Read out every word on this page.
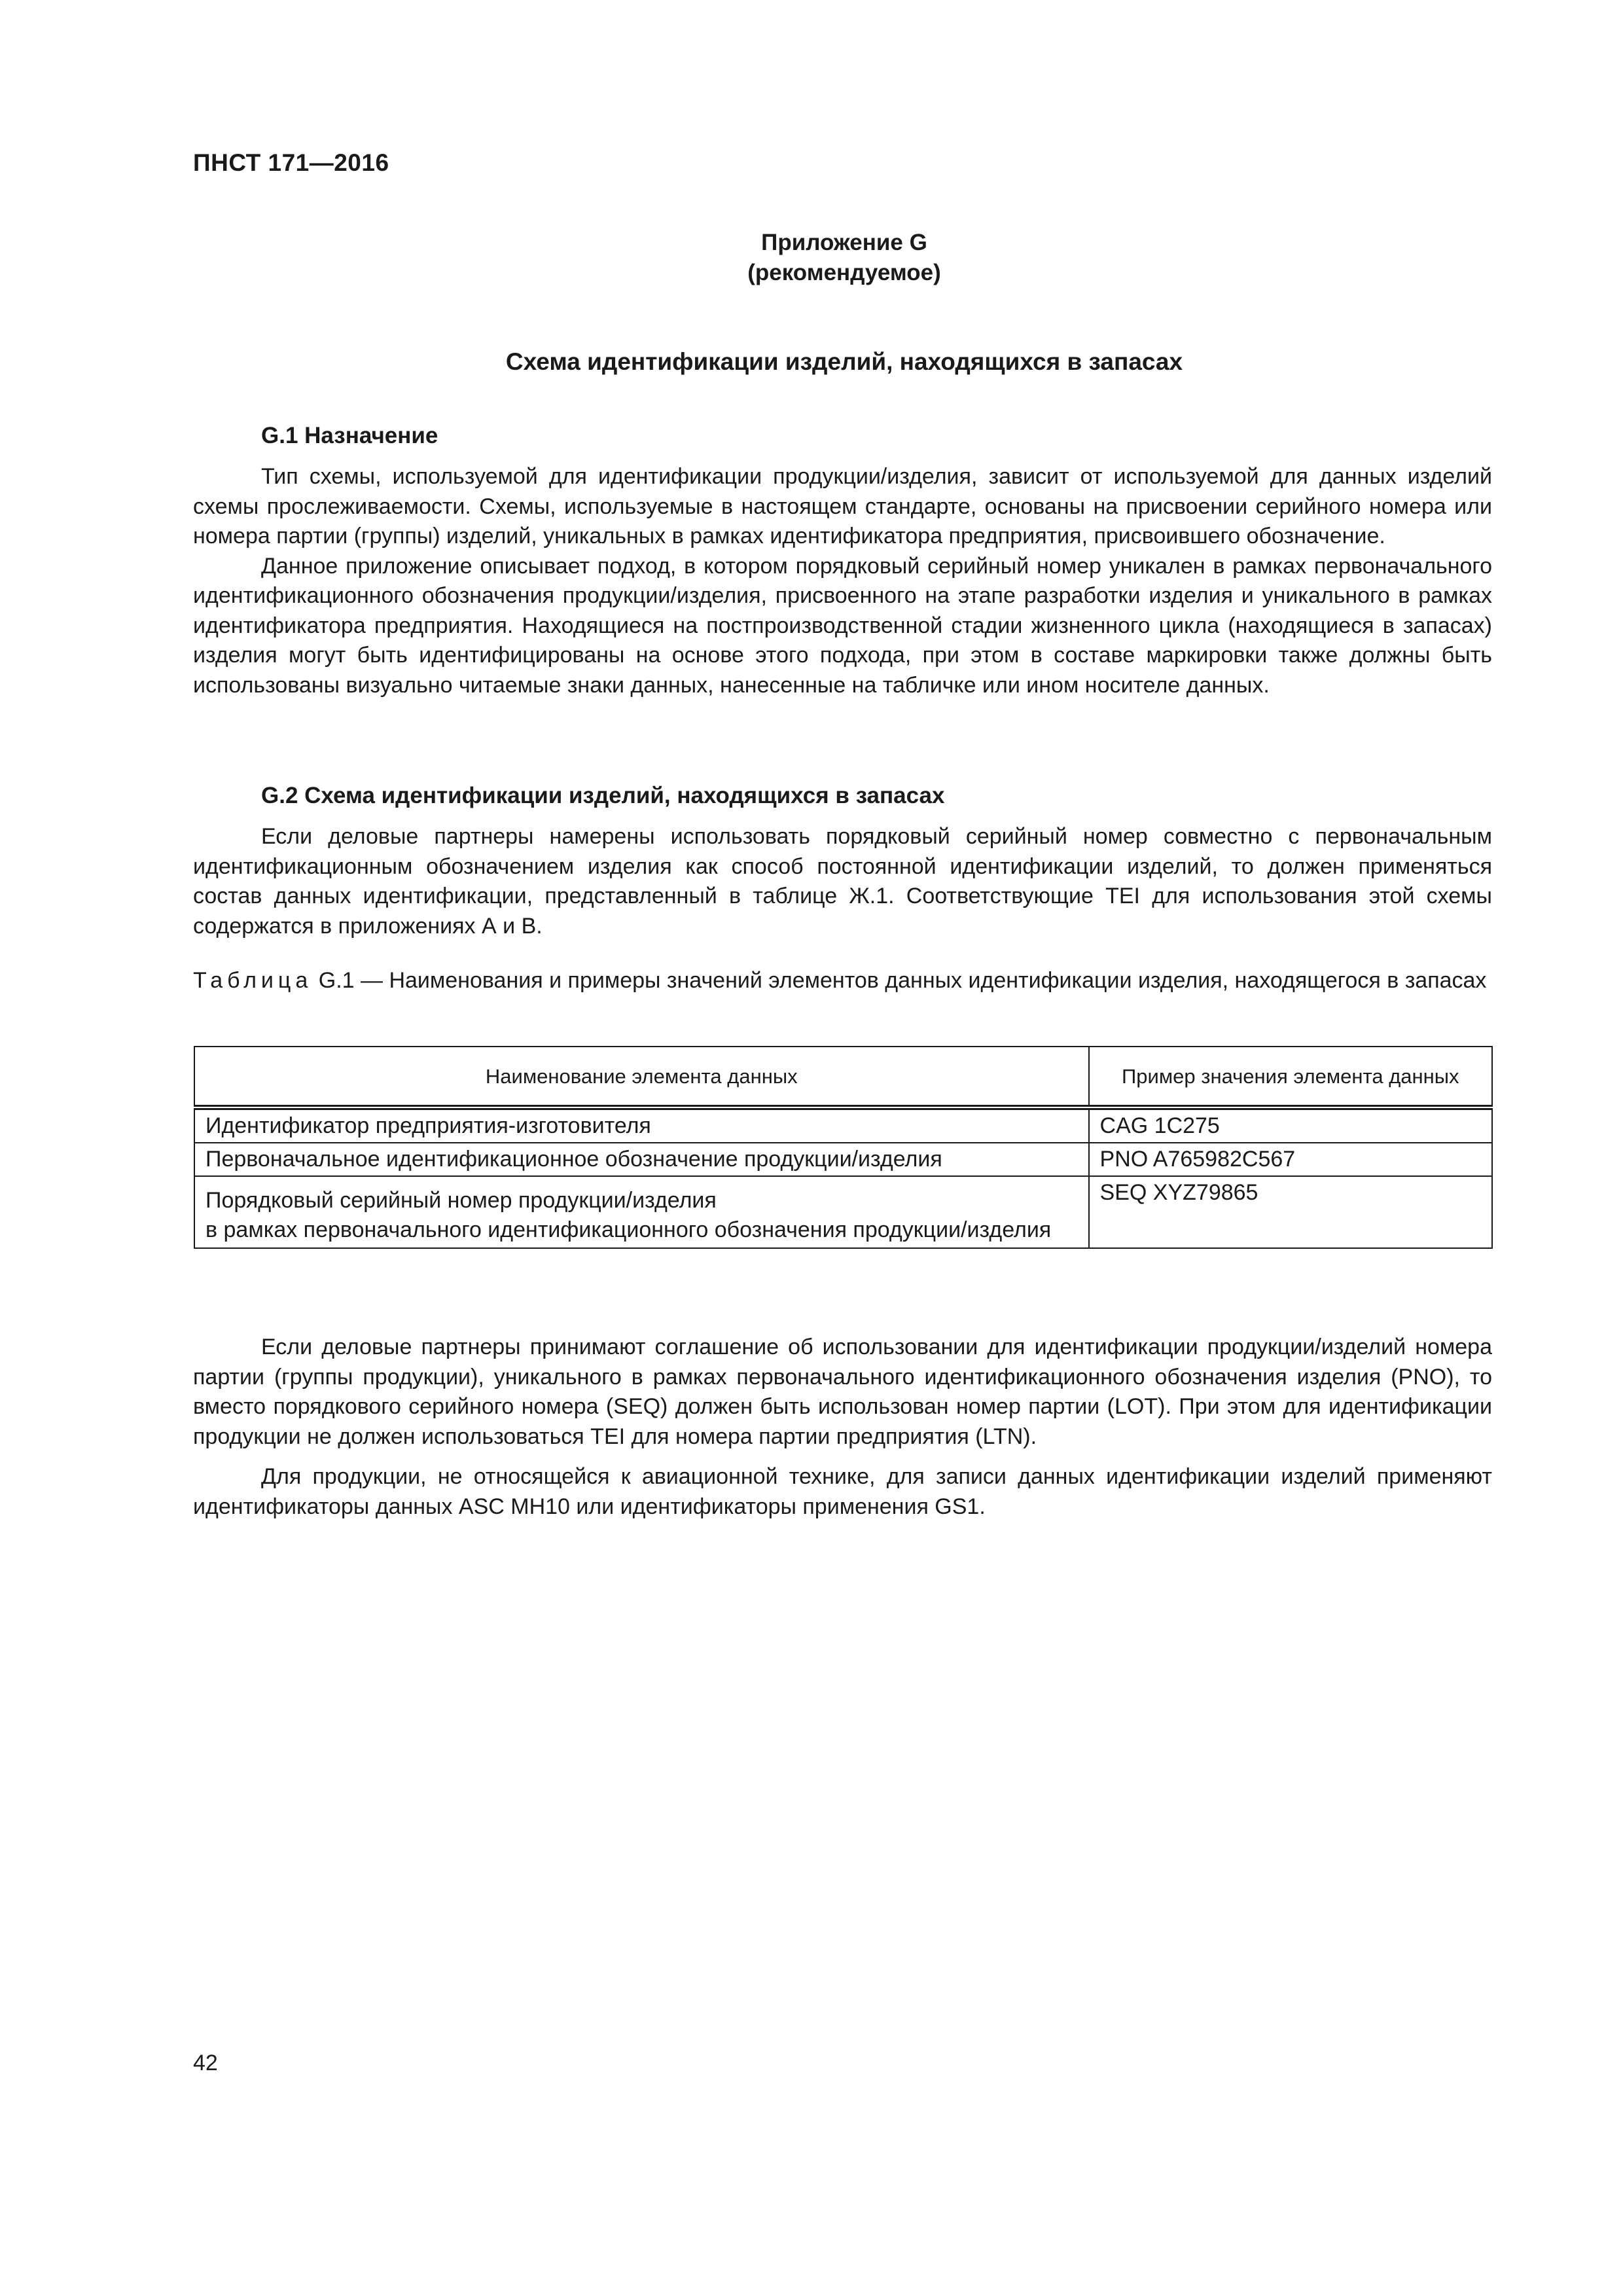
ПНСТ 171—2016
Приложение G
(рекомендуемое)
Схема идентификации изделий, находящихся в запасах
G.1 Назначение

Тип схемы, используемой для идентификации продукции/изделия, зависит от используемой для данных изделий схемы прослеживаемости. Схемы, используемые в настоящем стандарте, основаны на присвоении серийного номера или номера партии (группы) изделий, уникальных в рамках идентификатора предприятия, присвоившего обозначение.

Данное приложение описывает подход, в котором порядковый серийный номер уникален в рамках первоначального идентификационного обозначения продукции/изделия, присвоенного на этапе разработки изделия и уникального в рамках идентификатора предприятия. Находящиеся на постпроизводственной стадии жизненного цикла (находящиеся в запасах) изделия могут быть идентифицированы на основе этого подхода, при этом в составе маркировки также должны быть использованы визуально читаемые знаки данных, нанесенные на табличке или ином носителе данных.

G.2 Схема идентификации изделий, находящихся в запасах

Если деловые партнеры намерены использовать порядковый серийный номер совместно с первоначальным идентификационным обозначением изделия как способ постоянной идентификации изделий, то должен применяться состав данных идентификации, представленный в таблице Ж.1. Соответствующие TEI для использования этой схемы содержатся в приложениях А и В.

Таблица G.1 — Наименования и примеры значений элементов данных идентификации изделия, находящегося в запасах
Наименование элемента данных	Пример значения элемента данных

Идентификатор предприятия-изготовителя	CAG 1C275

Первоначальное идентификационное обозначение продукции/изделия	PNO A765982C567

Порядковый серийный номер продукции/изделия
в рамках первоначального идентификационного обозначения продукции/изделия	SEQ XYZ79865

Если деловые партнеры принимают соглашение об использовании для идентификации продукции/изделий номера партии (группы продукции), уникального в рамках первоначального идентификационного обозначения изделия (PNO), то вместо порядкового серийного номера (SEQ) должен быть использован номер партии (LOT). При этом для идентификации продукции не должен использоваться TEI для номера партии предприятия (LTN).

Для продукции, не относящейся к авиационной технике, для записи данных идентификации изделий применяют идентификаторы данных ASC MH10 или идентификаторы применения GS1.

42
